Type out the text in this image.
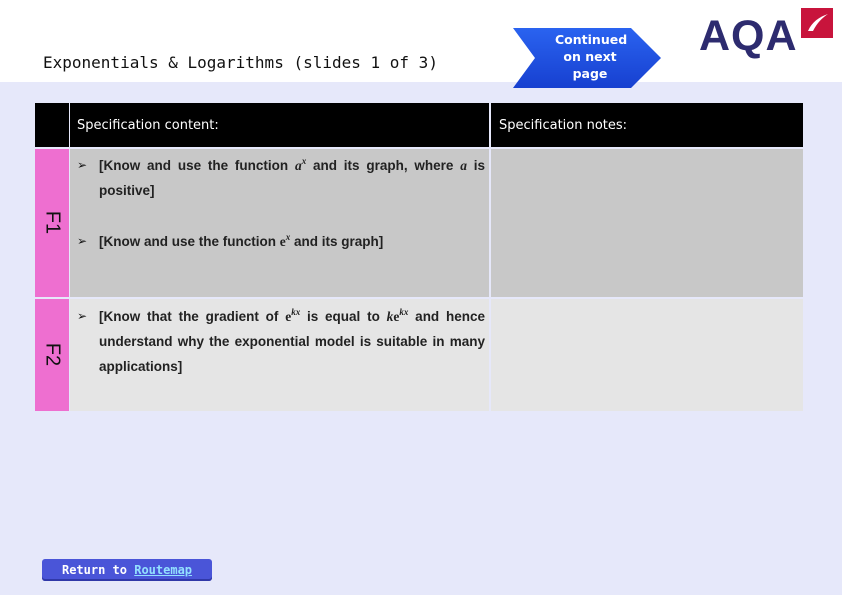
Exponentials & Logarithms (slides 1 of 3)
Continued
on next
page
AQA
Specification content:	Specification notes:
F1
F2
➢ [Know and use the function $a^x$ and its graph, where a is positive]
➢ [Know and use the function $e^x$ and its graph]
➢ [Know that the gradient of $e^{kx}$ is equal to $ke^{kx}$ and hence understand why the exponential model is suitable in many applications]
Return to Routemap
